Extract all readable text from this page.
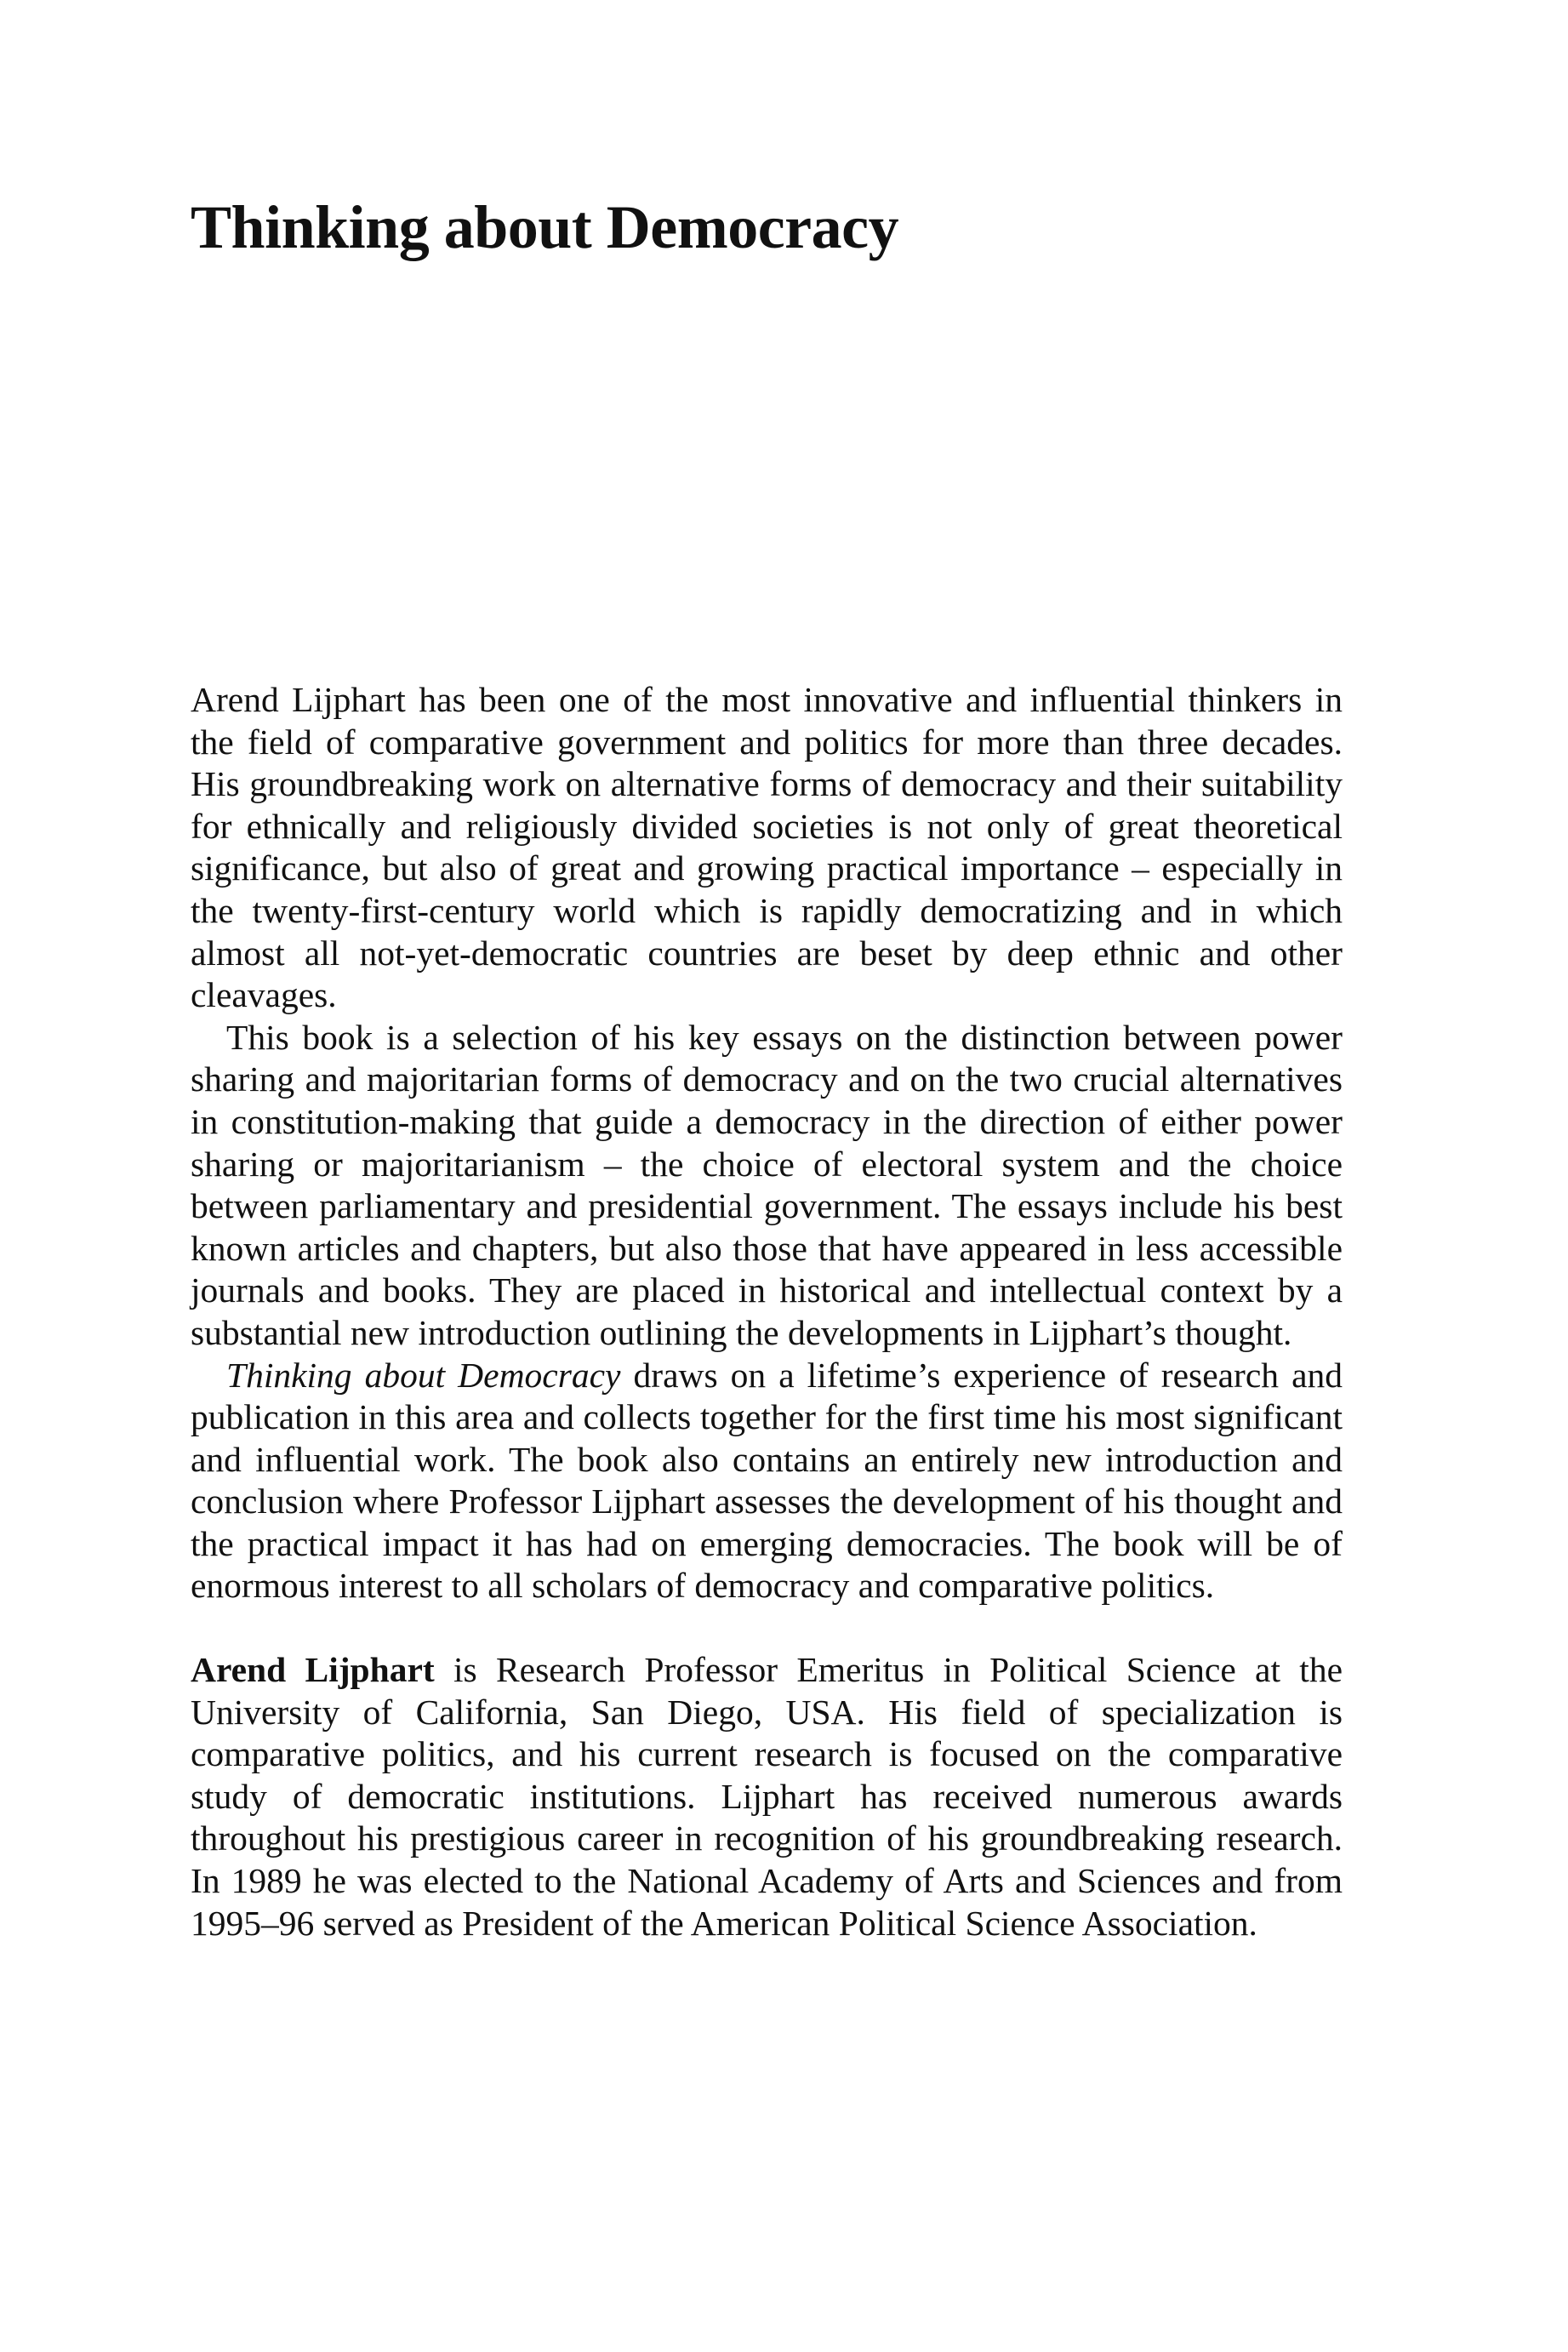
Thinking about Democracy

Arend Lijphart has been one of the most innovative and influential thinkers in the field of comparative government and politics for more than three decades. His groundbreaking work on alternative forms of democracy and their suitability for ethnically and religiously divided societies is not only of great theoretical significance, but also of great and growing practical importance – especially in the twenty-first-century world which is rapidly democratizing and in which almost all not-yet-democratic countries are beset by deep ethnic and other cleavages.

This book is a selection of his key essays on the distinction between power sharing and majoritarian forms of democracy and on the two crucial alternatives in constitution-making that guide a democracy in the direction of either power sharing or majoritarianism – the choice of electoral system and the choice between parliamentary and presidential government. The essays include his best known articles and chapters, but also those that have appeared in less accessible journals and books. They are placed in historical and intellectual context by a substantial new introduction outlining the developments in Lijphart’s thought.

Thinking about Democracy draws on a lifetime’s experience of research and publication in this area and collects together for the first time his most significant and influential work. The book also contains an entirely new introduction and conclusion where Professor Lijphart assesses the development of his thought and the practical impact it has had on emerging democracies. The book will be of enormous interest to all scholars of democracy and comparative politics.

Arend Lijphart is Research Professor Emeritus in Political Science at the University of California, San Diego, USA. His field of specialization is comparative politics, and his current research is focused on the comparative study of democratic institutions. Lijphart has received numerous awards throughout his prestigious career in recognition of his groundbreaking research. In 1989 he was elected to the National Academy of Arts and Sciences and from 1995–96 served as President of the American Political Science Association.
